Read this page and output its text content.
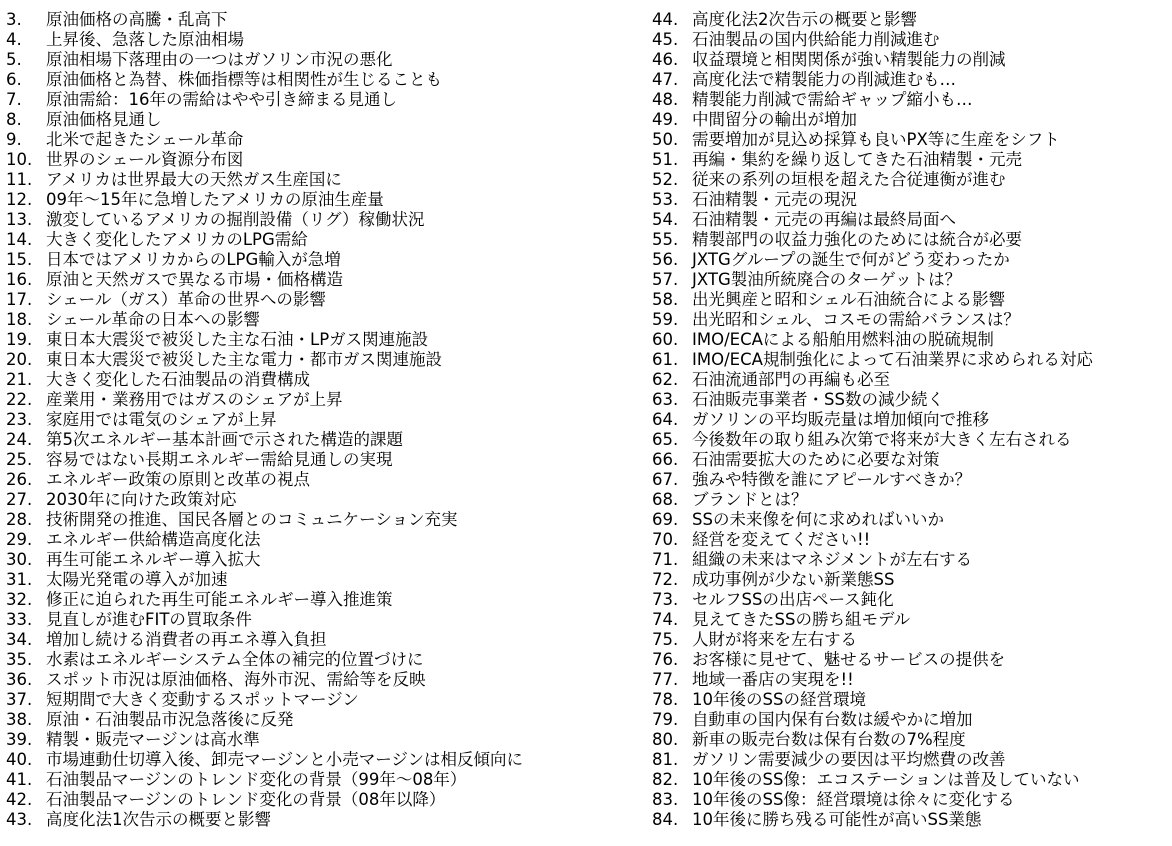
3. 原油価格の高騰・乱高下
4. 上昇後、急落した原油相場
5. 原油相場下落理由の一つはガソリン市況の悪化
6. 原油価格と為替、株価指標等は相関性が生じることも
7. 原油需給：16年の需給はやや引き締まる見通し
8. 原油価格見通し
9. 北米で起きたシェール革命
10. 世界のシェール資源分布図
11. アメリカは世界最大の天然ガス生産国に
12. 09年～15年に急増したアメリカの原油生産量
13. 激変しているアメリカの掘削設備（リグ）稼働状況
14. 大きく変化したアメリカのLPG需給
15. 日本ではアメリカからのLPG輸入が急増
16. 原油と天然ガスで異なる市場・価格構造
17. シェール（ガス）革命の世界への影響
18. シェール革命の日本への影響
19. 東日本大震災で被災した主な石油・LPガス関連施設
20. 東日本大震災で被災した主な電力・都市ガス関連施設
21. 大きく変化した石油製品の消費構成
22. 産業用・業務用ではガスのシェアが上昇
23. 家庭用では電気のシェアが上昇
24. 第5次エネルギー基本計画で示された構造的課題
25. 容易ではない長期エネルギー需給見通しの実現
26. エネルギー政策の原則と改革の視点
27. 2030年に向けた政策対応
28. 技術開発の推進、国民各層とのコミュニケーション充実
29. エネルギー供給構造高度化法
30. 再生可能エネルギー導入拡大
31. 太陽光発電の導入が加速
32. 修正に迫られた再生可能エネルギー導入推進策
33. 見直しが進むFITの買取条件
34. 増加し続ける消費者の再エネ導入負担
35. 水素はエネルギーシステム全体の補完的位置づけに
36. スポット市況は原油価格、海外市況、需給等を反映
37. 短期間で大きく変動するスポットマージン
38. 原油・石油製品市況急落後に反発
39. 精製・販売マージンは高水準
40. 市場連動仕切導入後、卸売マージンと小売マージンは相反傾向に
41. 石油製品マージンのトレンド変化の背景（99年～08年）
42. 石油製品マージンのトレンド変化の背景（08年以降）
43. 高度化法1次告示の概要と影響
44. 高度化法2次告示の概要と影響
45. 石油製品の国内供給能力削減進む
46. 収益環境と相関関係が強い精製能力の削減
47. 高度化法で精製能力の削減進むも…
48. 精製能力削減で需給ギャップ縮小も…
49. 中間留分の輸出が増加
50. 需要増加が見込め採算も良いPX等に生産をシフト
51. 再編・集約を繰り返してきた石油精製・元売
52. 従来の系列の垣根を超えた合従連衡が進む
53. 石油精製・元売の現況
54. 石油精製・元売の再編は最終局面へ
55. 精製部門の収益力強化のためには統合が必要
56. JXTGグループの誕生で何がどう変わったか
57. JXTG製油所統廃合のターゲットは？
58. 出光興産と昭和シェル石油統合による影響
59. 出光昭和シェル、コスモの需給バランスは？
60. IMO/ECAによる船舶用燃料油の脱硫規制
61. IMO/ECA規制強化によって石油業界に求められる対応
62. 石油流通部門の再編も必至
63. 石油販売事業者・SS数の減少続く
64. ガソリンの平均販売量は増加傾向で推移
65. 今後数年の取り組み次第で将来が大きく左右される
66. 石油需要拡大のために必要な対策
67. 強みや特徴を誰にアピールすべきか？
68. ブランドとは？
69. SSの未来像を何に求めればいいか
70. 経営を変えてください!!
71. 組織の未来はマネジメントが左右する
72. 成功事例が少ない新業態SS
73. セルフSSの出店ペース鈍化
74. 見えてきたSSの勝ち組モデル
75. 人財が将来を左右する
76. お客様に見せて、魅せるサービスの提供を
77. 地域一番店の実現を!!
78. 10年後のSSの経営環境
79. 自動車の国内保有台数は緩やかに増加
80. 新車の販売台数は保有台数の7%程度
81. ガソリン需要減少の要因は平均燃費の改善
82. 10年後のSS像：エコステーションは普及していない
83. 10年後のSS像：経営環境は徐々に変化する
84. 10年後に勝ち残る可能性が高いSS業態
